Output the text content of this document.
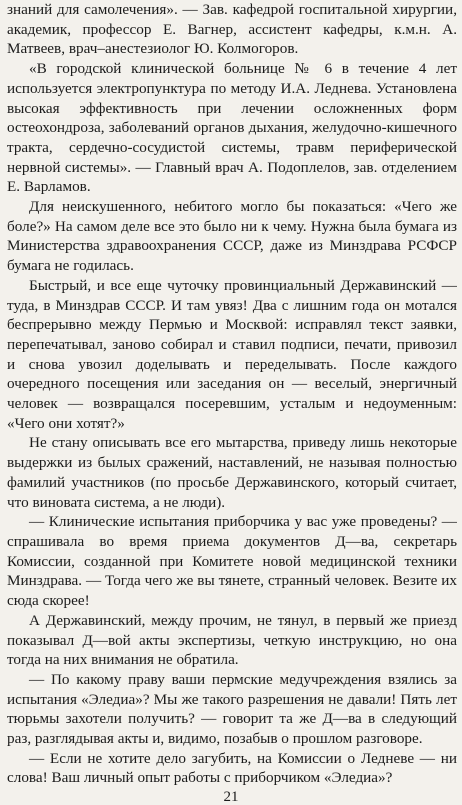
знаний для самолечения». — Зав. кафедрой госпитальной хирургии, академик, профессор Е. Вагнер, ассистент кафедры, к.м.н. А. Матвеев, врач–анестезиолог Ю. Колмогоров.

«В городской клинической больнице № 6 в течение 4 лет используется электропунктура по методу И.А. Леднева. Установлена высокая эффективность при лечении осложненных форм остеохондроза, заболеваний органов дыхания, желудочно-кишечного тракта, сердечно-сосудистой системы, травм периферической нервной системы». — Главный врач А. Подоплелов, зав. отделением Е. Варламов.

Для неискушенного, небитого могло бы показаться: «Чего же боле?» На самом деле все это было ни к чему. Нужна была бумага из Министерства здравоохранения СССР, даже из Минздрава РСФСР бумага не годилась.

Быстрый, и все еще чуточку провинциальный Державинский — туда, в Минздрав СССР. И там увяз! Два с лишним года он мотался беспрерывно между Пермью и Москвой: исправлял текст заявки, перепечатывал, заново собирал и ставил подписи, печати, привозил и снова увозил доделывать и переделывать. После каждого очередного посещения или заседания он — веселый, энергичный человек — возвращался посеревшим, усталым и недоуменным: «Чего они хотят?»

Не стану описывать все его мытарства, приведу лишь некоторые выдержки из былых сражений, наставлений, не называя полностью фамилий участников (по просьбе Державинского, который считает, что виновата система, а не люди).

— Клинические испытания приборчика у вас уже проведены? — спрашивала во время приема документов Д—ва, секретарь Комиссии, созданной при Комитете новой медицинской техники Минздрава. — Тогда чего же вы тянете, странный человек. Везите их сюда скорее!

А Державинский, между прочим, не тянул, в первый же приезд показывал Д—вой акты экспертизы, четкую инструкцию, но она тогда на них внимания не обратила.

— По какому праву ваши пермские медучреждения взялись за испытания «Эледиа»? Мы же такого разрешения не давали! Пять лет тюрьмы захотели получить? — говорит та же Д—ва в следующий раз, разглядывая акты и, видимо, позабыв о прошлом разговоре.

— Если не хотите дело загубить, на Комиссии о Ледневе — ни слова! Ваш личный опыт работы с приборчиком «Эледиа»?

21
